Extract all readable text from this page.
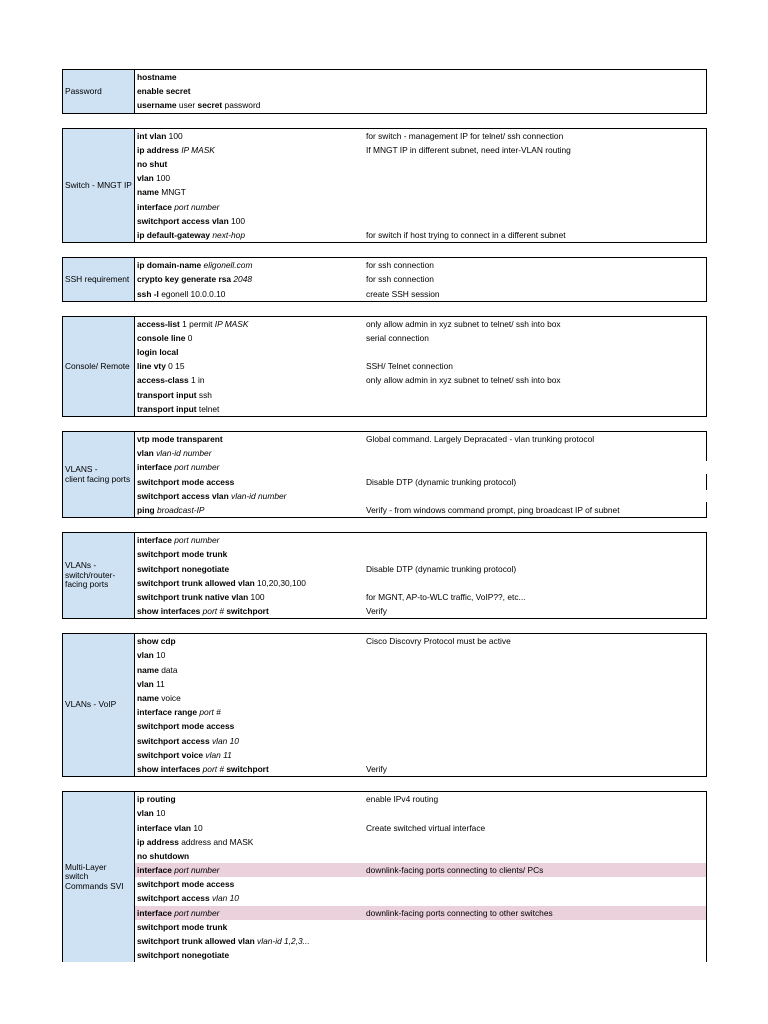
Password
hostname
enable secret
username user secret password
Switch - MNGT IP
int vlan 100	for switch - management IP for telnet/ ssh connection
ip address IP MASK	If MNGT IP in different subnet, need inter-VLAN routing
no shut
vlan 100
name MNGT
interface port number
switchport access vlan 100
ip default-gateway next-hop	for switch if host trying to connect in a different subnet
SSH requirement
ip domain-name eligonell.com	for ssh connection
crypto key generate rsa 2048	for ssh connection
ssh -l egonell 10.0.0.10	create SSH session
Console/ Remote
access-list 1 permit IP MASK	only allow admin in xyz subnet to telnet/ ssh into box
console line 0	serial connection
login local
line vty 0 15	SSH/ Telnet connection
access-class 1 in	only allow admin in xyz subnet to telnet/ ssh into box
transport input ssh
transport input telnet
VLANS -
client facing ports
vtp mode transparent	Global command. Largely Depracated - vlan trunking protocol
vlan vlan-id number
interface port number
switchport mode access	Disable DTP (dynamic trunking protocol)
switchport access vlan vlan-id number
ping broadcast-IP	Verify - from windows command prompt, ping broadcast IP of subnet
VLANs -
switch/router-
facing ports
interface port number
switchport mode trunk
switchport nonegotiate	Disable DTP (dynamic trunking protocol)
switchport trunk allowed vlan 10,20,30,100
switchport trunk native vlan 100	for MGNT, AP-to-WLC traffic, VoIP??, etc...
show interfaces port # switchport	Verify
VLANs - VoIP
show cdp	Cisco Discovry Protocol must be active
vlan 10
name data
vlan 11
name voice
interface range port #
switchport mode access
switchport access vlan 10
switchport voice vlan 11
show interfaces port # switchport	Verify
Multi-Layer
switch
Commands SVI
ip routing	enable IPv4 routing
vlan 10
interface vlan 10	Create switched virtual interface
ip address address and MASK
no shutdown
interface port number	downlink-facing ports connecting to clients/ PCs
switchport mode access
switchport access vlan 10
interface port number	downlink-facing ports connecting to other switches
switchport mode trunk
switchport trunk allowed vlan vlan-id 1,2,3...
switchport nonegotiate
